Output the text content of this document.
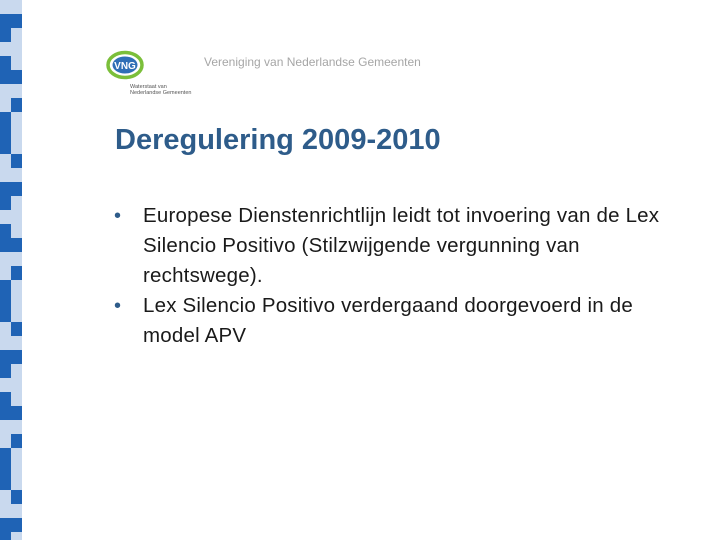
VNG
Waterstaat van
Nederlandse Gemeenten
Vereniging van Nederlandse Gemeenten
Deregulering 2009-2010
• Europese Dienstenrichtlijn leidt tot invoering van de Lex Silencio Positivo (Stilzwijgende vergunning van rechtswege).
• Lex Silencio Positivo verdergaand doorgevoerd in de model APV
